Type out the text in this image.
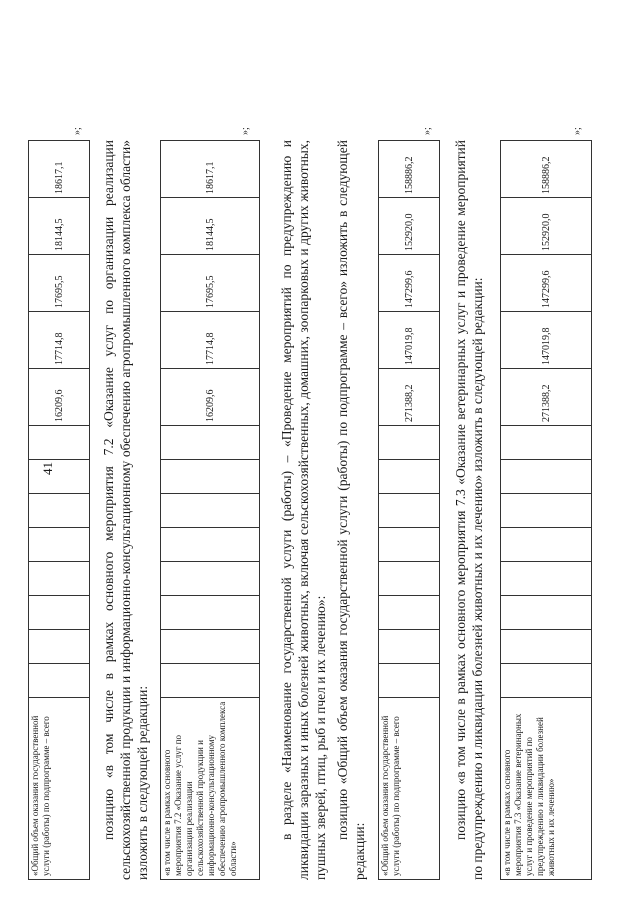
41
«Общий объем оказания государственной услуги (работы) по подпрограмме – всего									16209,6	17714,8	17695,5	18144,5	18617,1
»;
позицию «в том числе в рамках основного мероприятия 7.2 «Оказание услуг по организации реализации сельскохозяйственной продукции и информационно-консультационному обеспечению агропромышленного комплекса области» изложить в следующей редакции: «в том числе в рамках основного мероприятия 7.2 «Оказание услуг по организации реализации сельскохозяйственной продукции и информационно-консультационному обеспечению агропромышленного комплекса области»									16209,6	17714,8	17695,5	18144,5	18617,1
»;
в разделе «Наименование государственной услуги (работы) – «Проведение мероприятий по предупреждению и ликвидации заразных и иных болезней животных, включая сельскохозяйственных, домашних, зоопарковых и других животных, пушных зверей, птиц, рыб и пчел и их лечению»: позицию «Общий объем оказания государственной услуги (работы) по подпрограмме – всего» изложить в следующей редакции: «Общий объем оказания государственной услуги (работы) по подпрограмме – всего									271388,2	147019,8	147299,6	152920,0	158886,2
»;
позицию «в том числе в рамках основного мероприятия 7.3 «Оказание ветеринарных услуг и проведение мероприятий по предупреждению и ликвидации болезней животных и их лечению» изложить в следующей редакции: «в том числе в рамках основного мероприятия 7.3 «Оказание ветеринарных услуг и проведение мероприятий по предупреждению и ликвидации болезней животных и их лечению»									271388,2	147019,8	147299,6	152920,0	158886,2
»;
